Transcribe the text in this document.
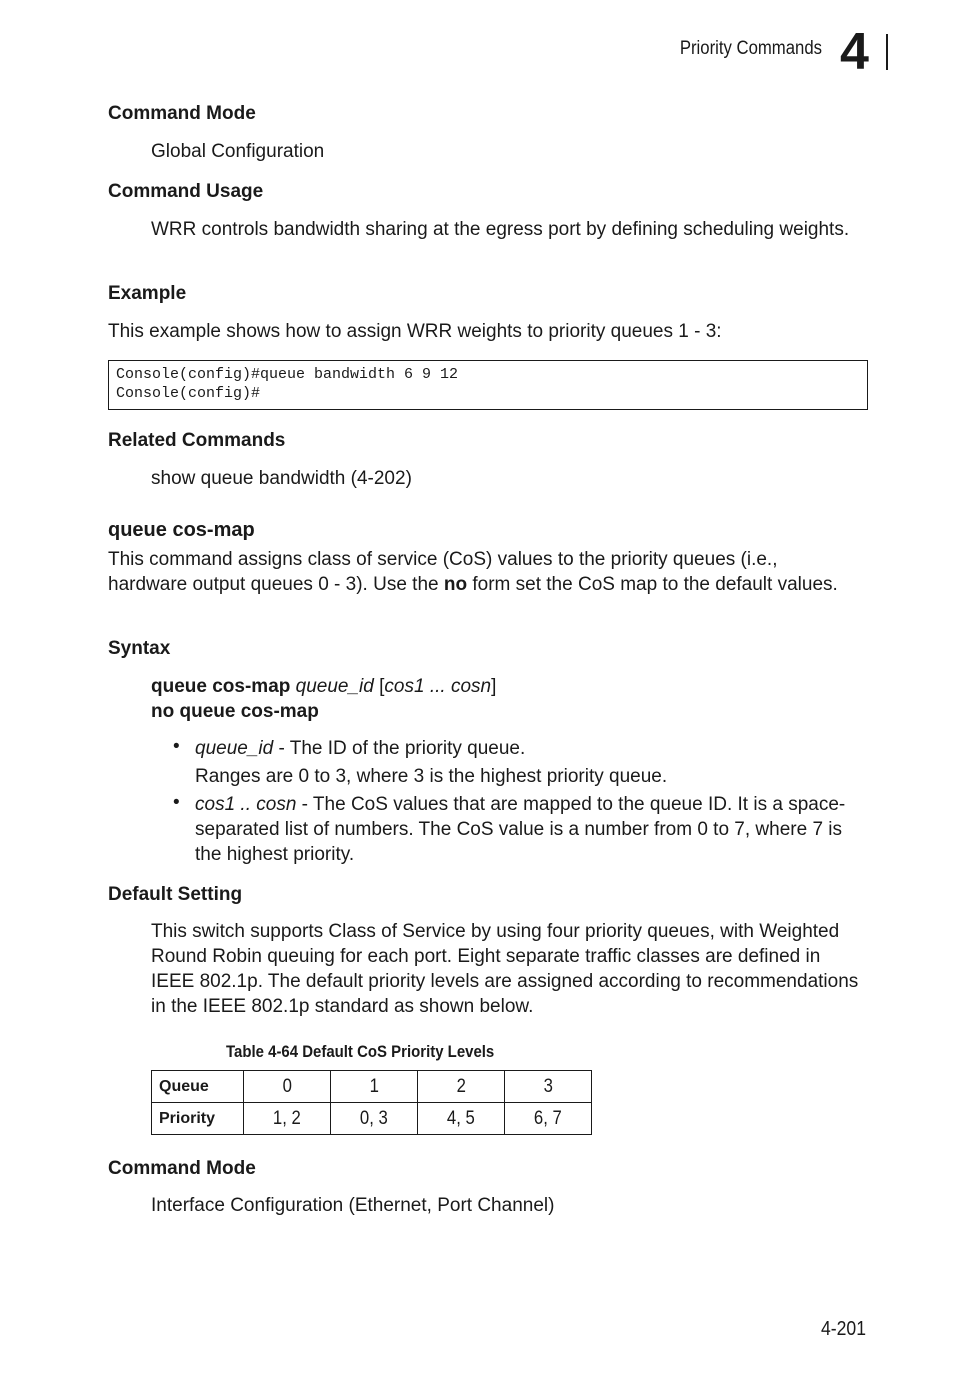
Priority Commands 4
Command Mode
Global Configuration
Command Usage
WRR controls bandwidth sharing at the egress port by defining scheduling weights.
Example
This example shows how to assign WRR weights to priority queues 1 - 3:
Console(config)#queue bandwidth 6 9 12
Console(config)#
Related Commands
show queue bandwidth (4-202)
queue cos-map
This command assigns class of service (CoS) values to the priority queues (i.e., hardware output queues 0 - 3). Use the no form set the CoS map to the default values.
Syntax
queue cos-map queue_id [cos1 ... cosn]
no queue cos-map
• queue_id - The ID of the priority queue.
Ranges are 0 to 3, where 3 is the highest priority queue.
• cos1 .. cosn - The CoS values that are mapped to the queue ID. It is a space-separated list of numbers. The CoS value is a number from 0 to 7, where 7 is the highest priority.
Default Setting
This switch supports Class of Service by using four priority queues, with Weighted Round Robin queuing for each port. Eight separate traffic classes are defined in IEEE 802.1p. The default priority levels are assigned according to recommendations in the IEEE 802.1p standard as shown below.
Table 4-64 Default CoS Priority Levels
Queue	0	1	2	3
Priority	1, 2	0, 3	4, 5	6, 7
Command Mode
Interface Configuration (Ethernet, Port Channel)
4-201
